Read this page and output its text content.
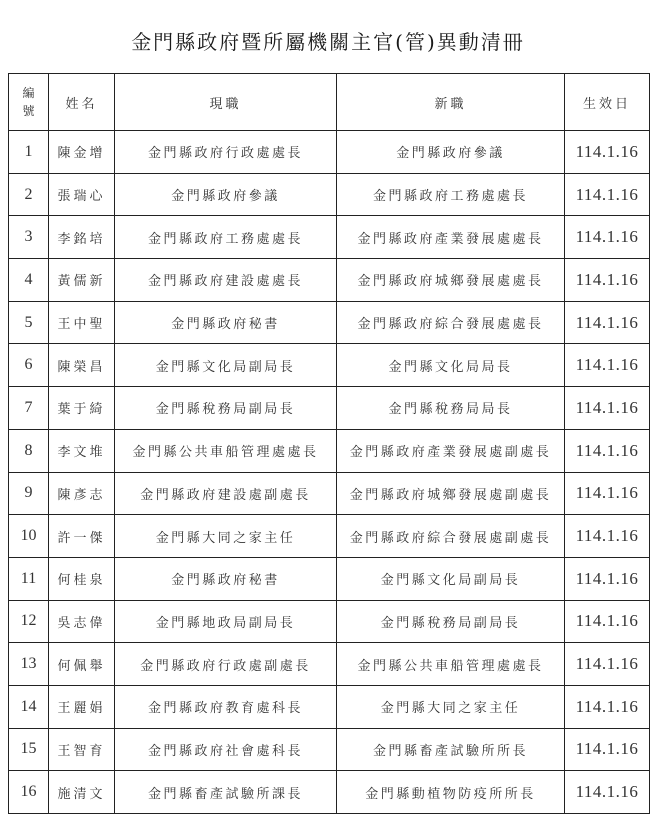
金門縣政府暨所屬機關主官(管)異動清冊
編
號	姓名	現職	新職	生效日
1	陳金增	金門縣政府行政處處長	金門縣政府參議	114.1.16
2	張瑞心	金門縣政府參議	金門縣政府工務處處長	114.1.16
3	李銘培	金門縣政府工務處處長	金門縣政府產業發展處處長	114.1.16
4	黃儒新	金門縣政府建設處處長	金門縣政府城鄉發展處處長	114.1.16
5	王中聖	金門縣政府秘書	金門縣政府綜合發展處處長	114.1.16
6	陳榮昌	金門縣文化局副局長	金門縣文化局局長	114.1.16
7	葉于綺	金門縣稅務局副局長	金門縣稅務局局長	114.1.16
8	李文堆	金門縣公共車船管理處處長	金門縣政府產業發展處副處長	114.1.16
9	陳彥志	金門縣政府建設處副處長	金門縣政府城鄉發展處副處長	114.1.16
10	許一傑	金門縣大同之家主任	金門縣政府綜合發展處副處長	114.1.16
11	何桂泉	金門縣政府秘書	金門縣文化局副局長	114.1.16
12	吳志偉	金門縣地政局副局長	金門縣稅務局副局長	114.1.16
13	何佩舉	金門縣政府行政處副處長	金門縣公共車船管理處處長	114.1.16
14	王麗娟	金門縣政府教育處科長	金門縣大同之家主任	114.1.16
15	王智育	金門縣政府社會處科長	金門縣畜產試驗所所長	114.1.16
16	施清文	金門縣畜產試驗所課長	金門縣動植物防疫所所長	114.1.16
